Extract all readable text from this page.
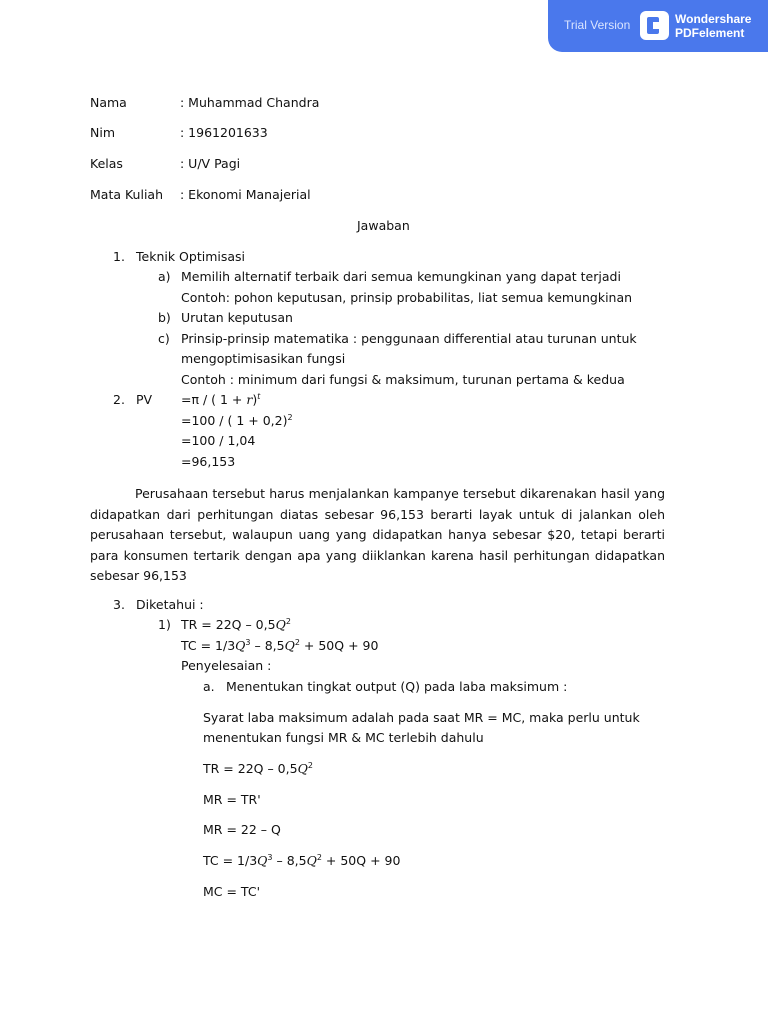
Trial Version	Wondershare
PDFelement
Nama	: Muhammad Chandra
Nim	: 1961201633
Kelas	: U/V Pagi
Mata Kuliah : Ekonomi Manajerial
Jawaban
1. Teknik Optimisasi
a) Memilih alternatif terbaik dari semua kemungkinan yang dapat terjadi
Contoh: pohon keputusan, prinsip probabilitas, liat semua kemungkinan
b) Urutan keputusan
c) Prinsip-prinsip matematika : penggunaan differential atau turunan untuk
mengoptimisasikan fungsi
Contoh : minimum dari fungsi & maksimum, turunan pertama & kedua
2. PV =π / ( 1 + r)$^t$
=100 / ( 1 + 0,2)$^2$
=100 / 1,04
=96,153

Perusahaan tersebut harus menjalankan kampanye tersebut dikarenakan hasil yang didapatkan dari perhitungan diatas sebesar 96,153 berarti layak untuk di jalankan oleh perusahaan tersebut, walaupun uang yang didapatkan hanya sebesar $20, tetapi berarti para konsumen tertarik dengan apa yang diiklankan karena hasil perhitungan didapatkan sebesar 96,153

3. Diketahui :
1) TR = $22Q - 0,5Q^2$
TC = $1/3Q^3 - 8,5Q^2 + 50Q + 90$
Penyelesaian :
a. Menentukan tingkat output (Q) pada laba maksimum :
Syarat laba maksimum adalah pada saat MR = MC, maka perlu untuk
menentukan fungsi MR & MC terlebih dahulu
TR = $22Q - 0,5Q^2$
MR = TR'
MR = 22 – Q
TC = $1/3Q^3 - 8,5Q^2 + 50Q + 90$
MC = TC'
